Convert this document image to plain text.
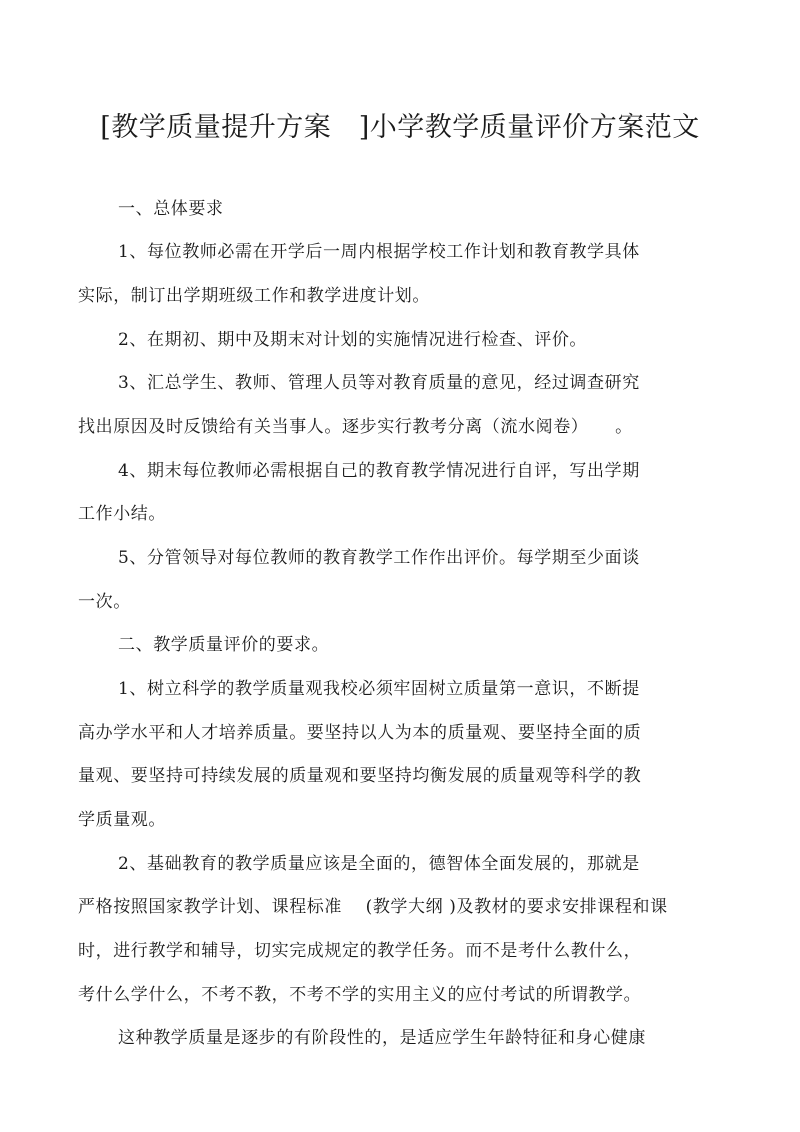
[教学质量提升方案　]小学教学质量评价方案范文
一、总体要求
1、每位教师必需在开学后一周内根据学校工作计划和教育教学具体
实际，制订出学期班级工作和教学进度计划。
2、在期初、期中及期末对计划的实施情况进行检查、评价。
3、汇总学生、教师、管理人员等对教育质量的意见，经过调查研究
找出原因及时反馈给有关当事人。逐步实行教考分离（流水阅卷）　　。
4、期末每位教师必需根据自己的教育教学情况进行自评，写出学期
工作小结。
5、分管领导对每位教师的教育教学工作作出评价。每学期至少面谈
一次。
二、教学质量评价的要求。
1、树立科学的教学质量观我校必须牢固树立质量第一意识，不断提
高办学水平和人才培养质量。要坚持以人为本的质量观、要坚持全面的质
量观、要坚持可持续发展的质量观和要坚持均衡发展的质量观等科学的教
学质量观。
2、基础教育的教学质量应该是全面的，德智体全面发展的，那就是
严格按照国家教学计划、课程标准　 (教学大纲 )及教材的要求安排课程和课
时，进行教学和辅导，切实完成规定的教学任务。而不是考什么教什么，
考什么学什么，不考不教，不考不学的实用主义的应付考试的所谓教学。
这种教学质量是逐步的有阶段性的，是适应学生年龄特征和身心健康
